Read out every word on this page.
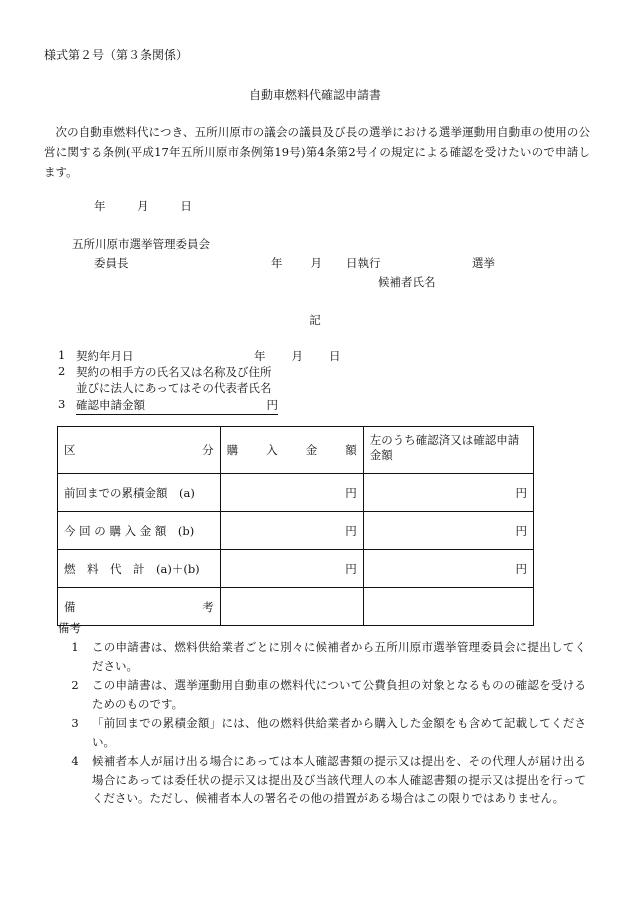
様式第２号（第３条関係）
自動車燃料代確認申請書

次の自動車燃料代につき、五所川原市の議会の議員及び長の選挙における選挙運動用自動車の使用の公営に関する条例(平成17年五所川原市条例第19号)第4条第2号イの規定による確認を受けたいので申請します。

年	月	日
五所川原市選挙管理委員会
委員長	年 月 日執行	選挙
候補者氏名
記
1 契約年月日	年 月 日
2 契約の相手方の氏名又は名称及び住所
並びに法人にあってはその代表者氏名
3 確認申請金額	円
区 分	購 入 金 額	左のうち確認済又は確認申請金額
前回までの累積金額　(a)	円	円
今 回 の 購 入 金 額　(b)	円	円
燃　料　代　計　(a)＋(b)	円	円

備 考		

備考
1	この申請書は、燃料供給業者ごとに別々に候補者から五所川原市選挙管理委員会に提出してください。
2	この申請書は、選挙運動用自動車の燃料代について公費負担の対象となるものの確認を受けるためのものです。
3	「前回までの累積金額」には、他の燃料供給業者から購入した金額をも含めて記載してください。
4	候補者本人が届け出る場合にあっては本人確認書類の提示又は提出を、その代理人が届け出る場合にあっては委任状の提示又は提出及び当該代理人の本人確認書類の提示又は提出を行ってください。ただし、候補者本人の署名その他の措置がある場合はこの限りではありません。
